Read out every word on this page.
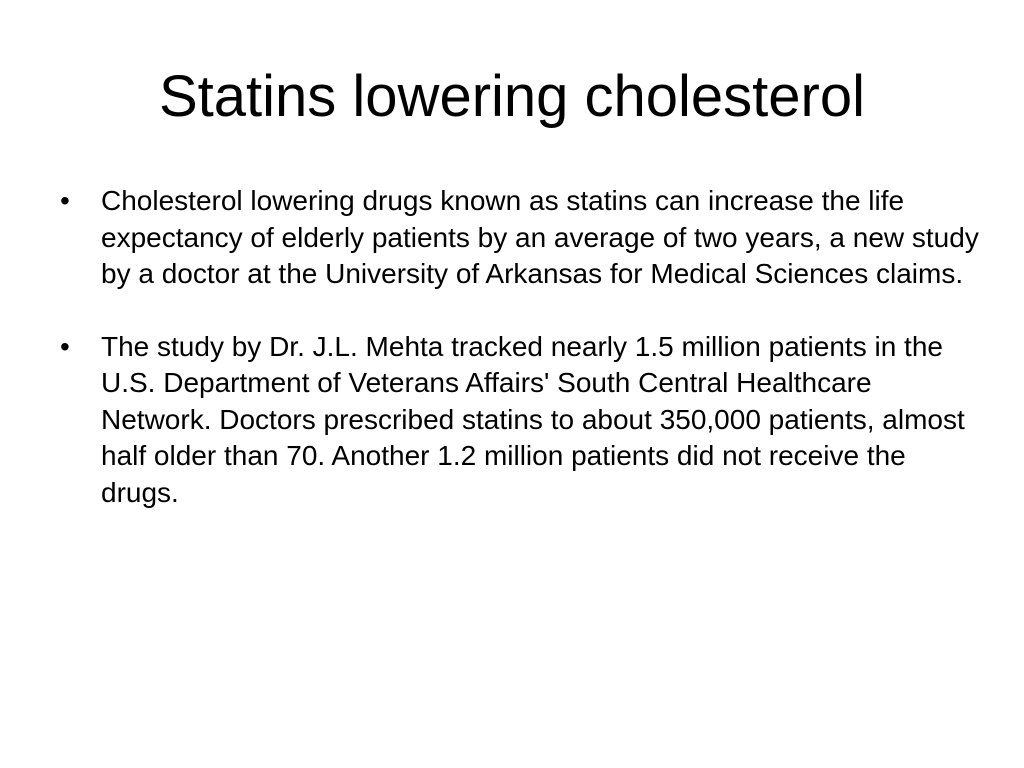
Statins lowering cholesterol
•	Cholesterol lowering drugs known as statins can increase the life expectancy of elderly patients by an average of two years, a new study by a doctor at the University of Arkansas for Medical Sciences claims.
•	The study by Dr. J.L. Mehta tracked nearly 1.5 million patients in the U.S. Department of Veterans Affairs' South Central Healthcare Network. Doctors prescribed statins to about 350,000 patients, almost half older than 70. Another 1.2 million patients did not receive the drugs.
